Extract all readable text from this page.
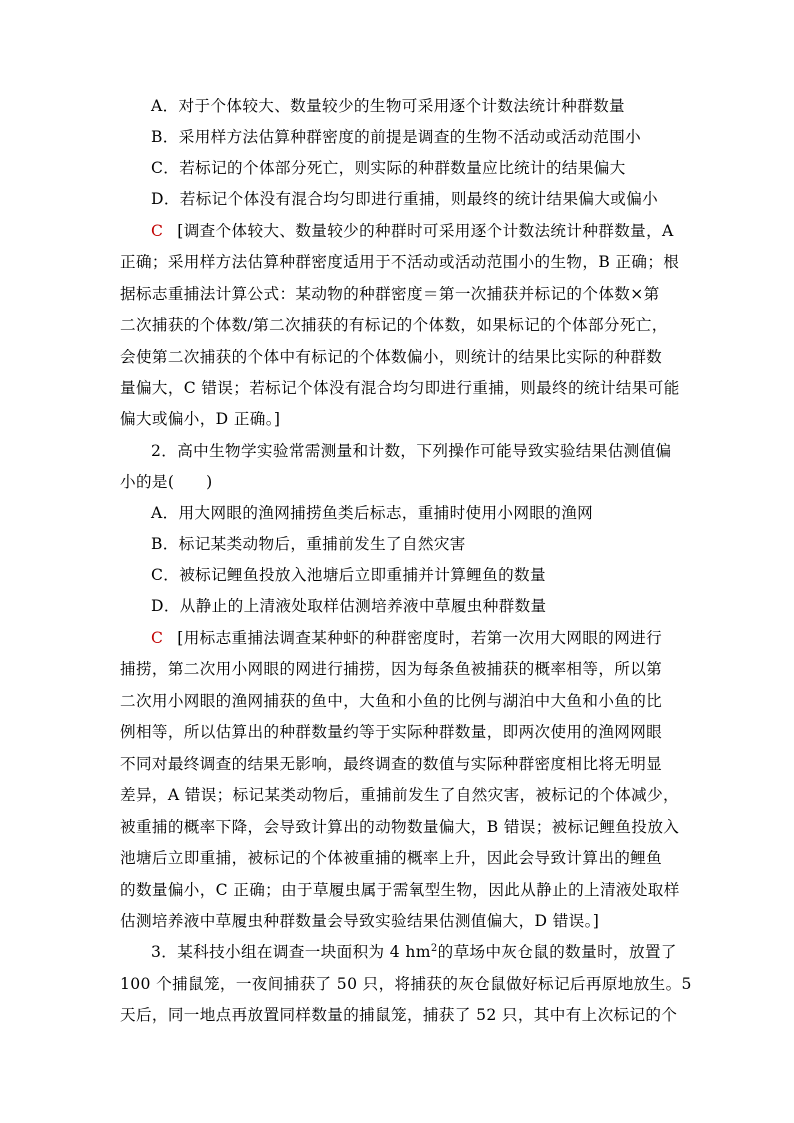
A．对于个体较大、数量较少的生物可采用逐个计数法统计种群数量
B．采用样方法估算种群密度的前提是调查的生物不活动或活动范围小
C．若标记的个体部分死亡，则实际的种群数量应比统计的结果偏大
D．若标记个体没有混合均匀即进行重捕，则最终的统计结果偏大或偏小
C [调查个体较大、数量较少的种群时可采用逐个计数法统计种群数量，A
正确；采用样方法估算种群密度适用于不活动或活动范围小的生物，B 正确；根
据标志重捕法计算公式：某动物的种群密度＝第一次捕获并标记的个体数×第
二次捕获的个体数/第二次捕获的有标记的个体数，如果标记的个体部分死亡，
会使第二次捕获的个体中有标记的个体数偏小，则统计的结果比实际的种群数
量偏大，C 错误；若标记个体没有混合均匀即进行重捕，则最终的统计结果可能
偏大或偏小，D 正确。]
2．高中生物学实验常需测量和计数，下列操作可能导致实验结果估测值偏
小的是(　　)
A．用大网眼的渔网捕捞鱼类后标志，重捕时使用小网眼的渔网
B．标记某类动物后，重捕前发生了自然灾害
C．被标记鲤鱼投放入池塘后立即重捕并计算鲤鱼的数量
D．从静止的上清液处取样估测培养液中草履虫种群数量
C [用标志重捕法调查某种虾的种群密度时，若第一次用大网眼的网进行
捕捞，第二次用小网眼的网进行捕捞，因为每条鱼被捕获的概率相等，所以第
二次用小网眼的渔网捕获的鱼中，大鱼和小鱼的比例与湖泊中大鱼和小鱼的比
例相等，所以估算出的种群数量约等于实际种群数量，即两次使用的渔网网眼
不同对最终调查的结果无影响，最终调查的数值与实际种群密度相比将无明显
差异，A 错误；标记某类动物后，重捕前发生了自然灾害，被标记的个体减少，
被重捕的概率下降，会导致计算出的动物数量偏大，B 错误；被标记鲤鱼投放入
池塘后立即重捕，被标记的个体被重捕的概率上升，因此会导致计算出的鲤鱼
的数量偏小，C 正确；由于草履虫属于需氧型生物，因此从静止的上清液处取样
估测培养液中草履虫种群数量会导致实验结果估测值偏大，D 错误。]
3．某科技小组在调查一块面积为 4 $hm^2$的草场中灰仓鼠的数量时，放置了
100 个捕鼠笼，一夜间捕获了 50 只，将捕获的灰仓鼠做好标记后再原地放生。5
天后，同一地点再放置同样数量的捕鼠笼，捕获了 52 只，其中有上次标记的个
